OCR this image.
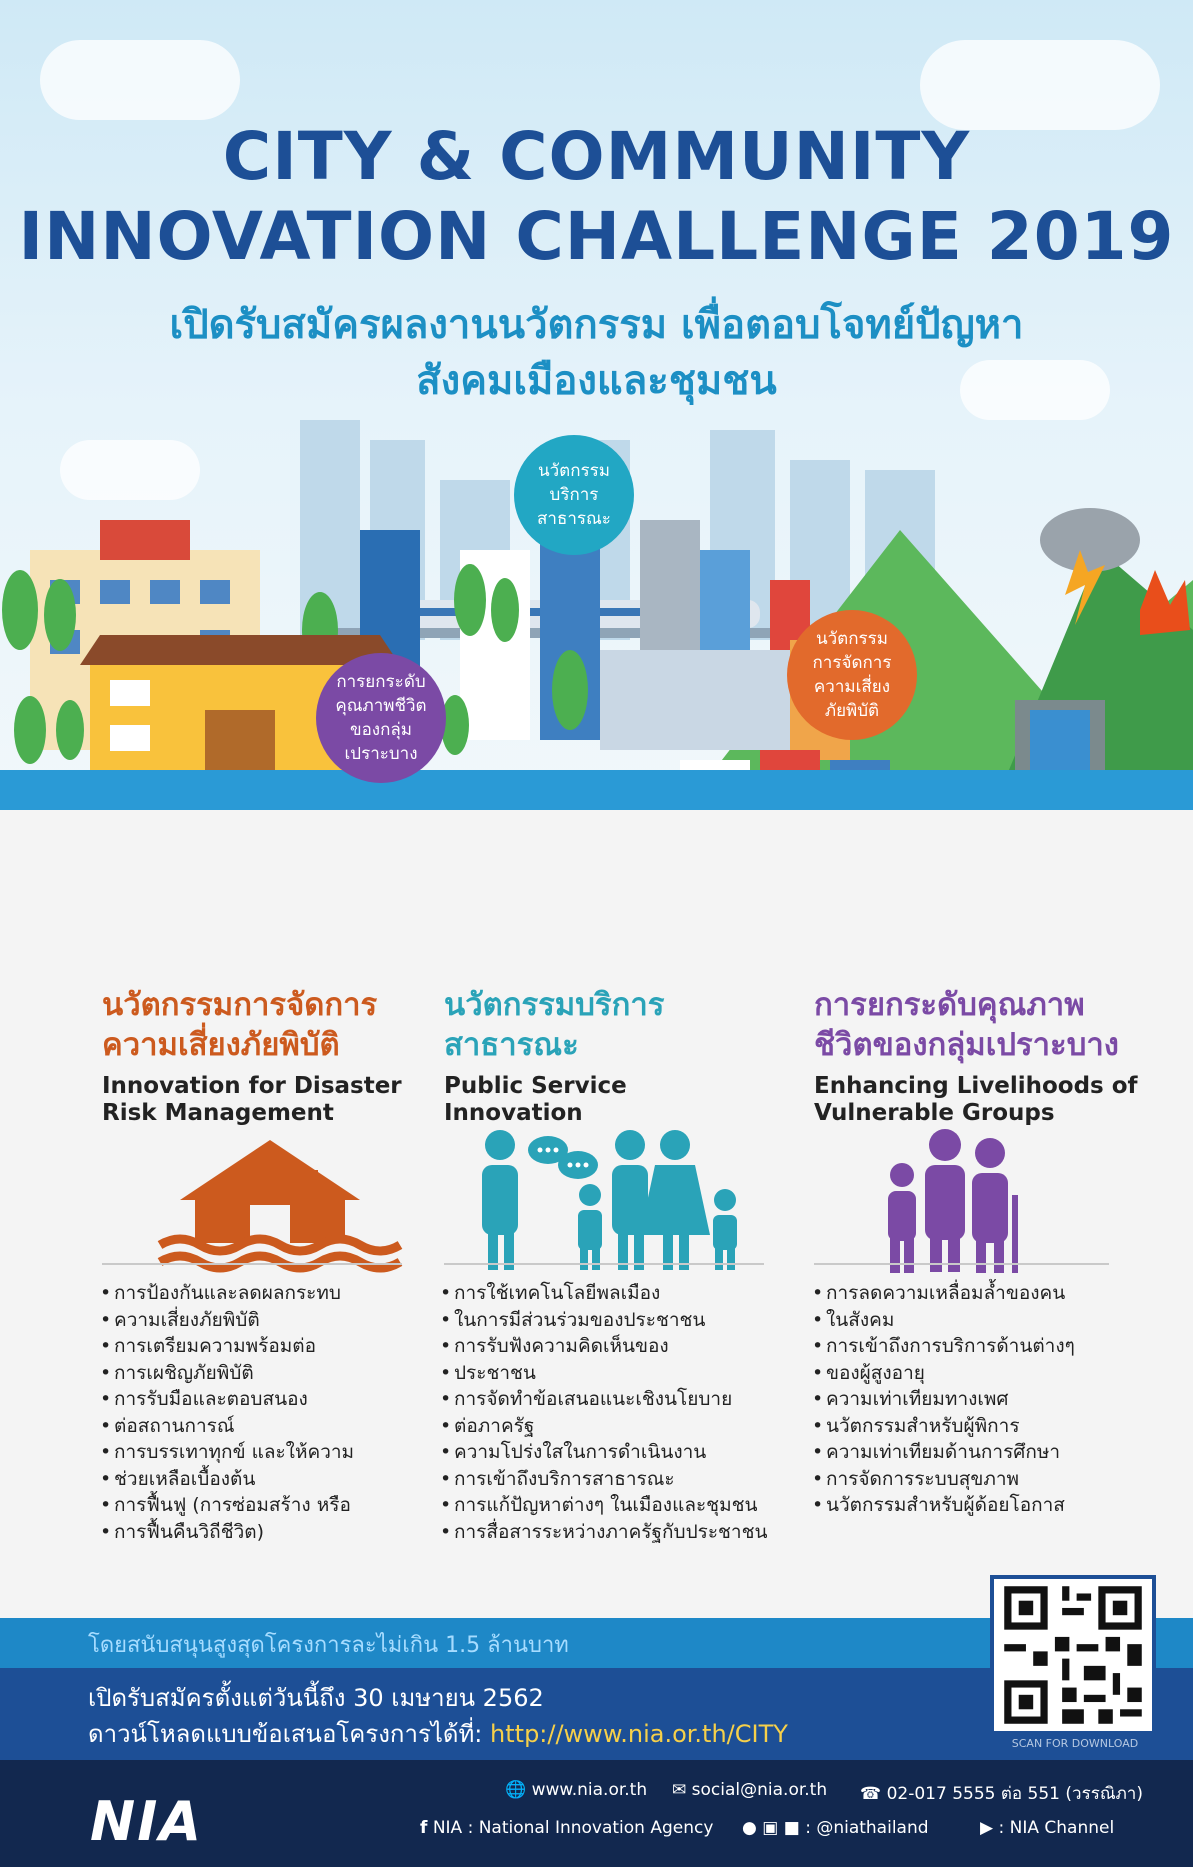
CITY & COMMUNITY
INNOVATION CHALLENGE 2019
เปิดรับสมัครผลงานนวัตกรรม เพื่อตอบโจทย์ปัญหา
สังคมเมืองและชุมชน
นวัตกรรม
บริการ
สาธารณะ
นวัตกรรม
การจัดการ
ความเสี่ยง
ภัยพิบัติ
การยกระดับ
คุณภาพชีวิต
ของกลุ่ม
เปราะบาง
นวัตกรรมการจัดการ
ความเสี่ยงภัยพิบัติ
Innovation for Disaster
Risk Management
• การป้องกันและลดผลกระทบ
• ความเสี่ยงภัยพิบัติ
• การเตรียมความพร้อมต่อ
• การเผชิญภัยพิบัติ
• การรับมือและตอบสนอง
• ต่อสถานการณ์
• การบรรเทาทุกข์ และให้ความ
• ช่วยเหลือเบื้องต้น
• การฟื้นฟู (การซ่อมสร้าง หรือ
• การฟื้นคืนวิถีชีวิต)
นวัตกรรมบริการ
สาธารณะ
Public Service
Innovation
• การใช้เทคโนโลยีพลเมือง
• ในการมีส่วนร่วมของประชาชน
• การรับฟังความคิดเห็นของ
• ประชาชน
• การจัดทำข้อเสนอแนะเชิงนโยบาย
• ต่อภาครัฐ
• ความโปร่งใสในการดำเนินงาน
• การเข้าถึงบริการสาธารณะ
• การแก้ปัญหาต่างๆ ในเมืองและชุมชน
• การสื่อสารระหว่างภาครัฐกับประชาชน
การยกระดับคุณภาพ
ชีวิตของกลุ่มเปราะบาง
Enhancing Livelihoods of
Vulnerable Groups
• การลดความเหลื่อมล้ำของคน
• ในสังคม
• การเข้าถึงการบริการด้านต่างๆ
• ของผู้สูงอายุ
• ความเท่าเทียมทางเพศ
• นวัตกรรมสำหรับผู้พิการ
• ความเท่าเทียมด้านการศึกษา
• การจัดการระบบสุขภาพ
• นวัตกรรมสำหรับผู้ด้อยโอกาส
โดยสนับสนุนสูงสุดโครงการละไม่เกิน 1.5 ล้านบาท
เปิดรับสมัครตั้งแต่วันนี้ถึง 30 เมษายน 2562
ดาวน์โหลดแบบข้อเสนอโครงการได้ที่: http://www.nia.or.th/CITY	SCAN FOR DOWNLOAD
NIA	🌐 www.nia.or.th ✉ social@nia.or.th ☎ 02-017 5555 ต่อ 551 (วรรณิภา)
f NIA : National Innovation Agency ● ▣ ■ : @niathailand	▶ : NIA Channel
